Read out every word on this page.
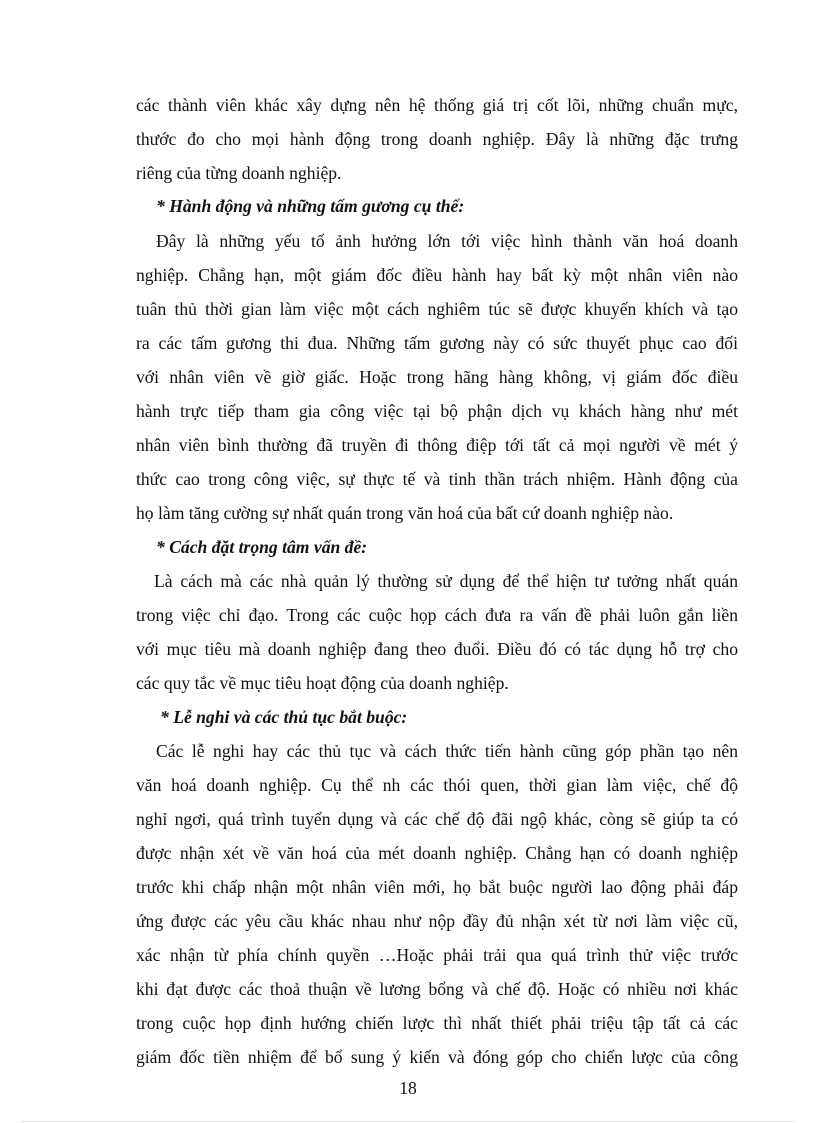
các thành viên khác xây dựng nên hệ thống giá trị cốt lõi, những chuẩn mực,
thước đo cho mọi hành động trong doanh nghiệp. Đây là những đặc trưng
riêng của từng doanh nghiệp.
* Hành động và những tấm gương cụ thể:
Đây là những yếu tố ảnh hưởng lớn tới việc hình thành văn hoá doanh
nghiệp. Chẳng hạn, một giám đốc điều hành hay bất kỳ một nhân viên nào
tuân thủ thời gian làm việc một cách nghiêm túc sẽ được khuyến khích và tạo
ra các tấm gương thi đua. Những tấm gương này có sức thuyết phục cao đối
với nhân viên về giờ giấc. Hoặc trong hãng hàng không, vị giám đốc điều
hành trực tiếp tham gia công việc tại bộ phận dịch vụ khách hàng như mét
nhân viên bình thường đã truyền đi thông điệp tới tất cả mọi người về mét ý
thức cao trong công việc, sự thực tế và tinh thần trách nhiệm. Hành động của
họ làm tăng cường sự nhất quán trong văn hoá của bất cứ doanh nghiệp nào.
* Cách đặt trọng tâm vấn đề:
Là cách mà các nhà quản lý thường sử dụng để thể hiện tư tưởng nhất quán
trong việc chỉ đạo. Trong các cuộc họp cách đưa ra vấn đề phải luôn gắn liền
với mục tiêu mà doanh nghiệp đang theo đuổi. Điều đó có tác dụng hỗ trợ cho
các quy tắc về mục tiêu hoạt động của doanh nghiệp.
* Lễ nghi và các thủ tục bắt buộc:
Các lễ nghi hay các thủ tục và cách thức tiến hành cũng góp phần tạo nên
văn hoá doanh nghiệp. Cụ thể nh các thói quen, thời gian làm việc, chế độ
nghỉ ngơi, quá trình tuyển dụng và các chế độ đãi ngộ khác, còng sẽ giúp ta có
được nhận xét về văn hoá của mét doanh nghiệp. Chẳng hạn có doanh nghiệp
trước khi chấp nhận một nhân viên mới, họ bắt buộc người lao động phải đáp
ứng được các yêu cầu khác nhau như nộp đầy đủ nhận xét từ nơi làm việc cũ,
xác nhận từ phía chính quyền …Hoặc phải trải qua quá trình thử việc trước
khi đạt được các thoả thuận về lương bổng và chế độ. Hoặc có nhiều nơi khác
trong cuộc họp định hướng chiến lược thì nhất thiết phải triệu tập tất cả các
giám đốc tiền nhiệm để bổ sung ý kiến và đóng góp cho chiến lược của công
18
